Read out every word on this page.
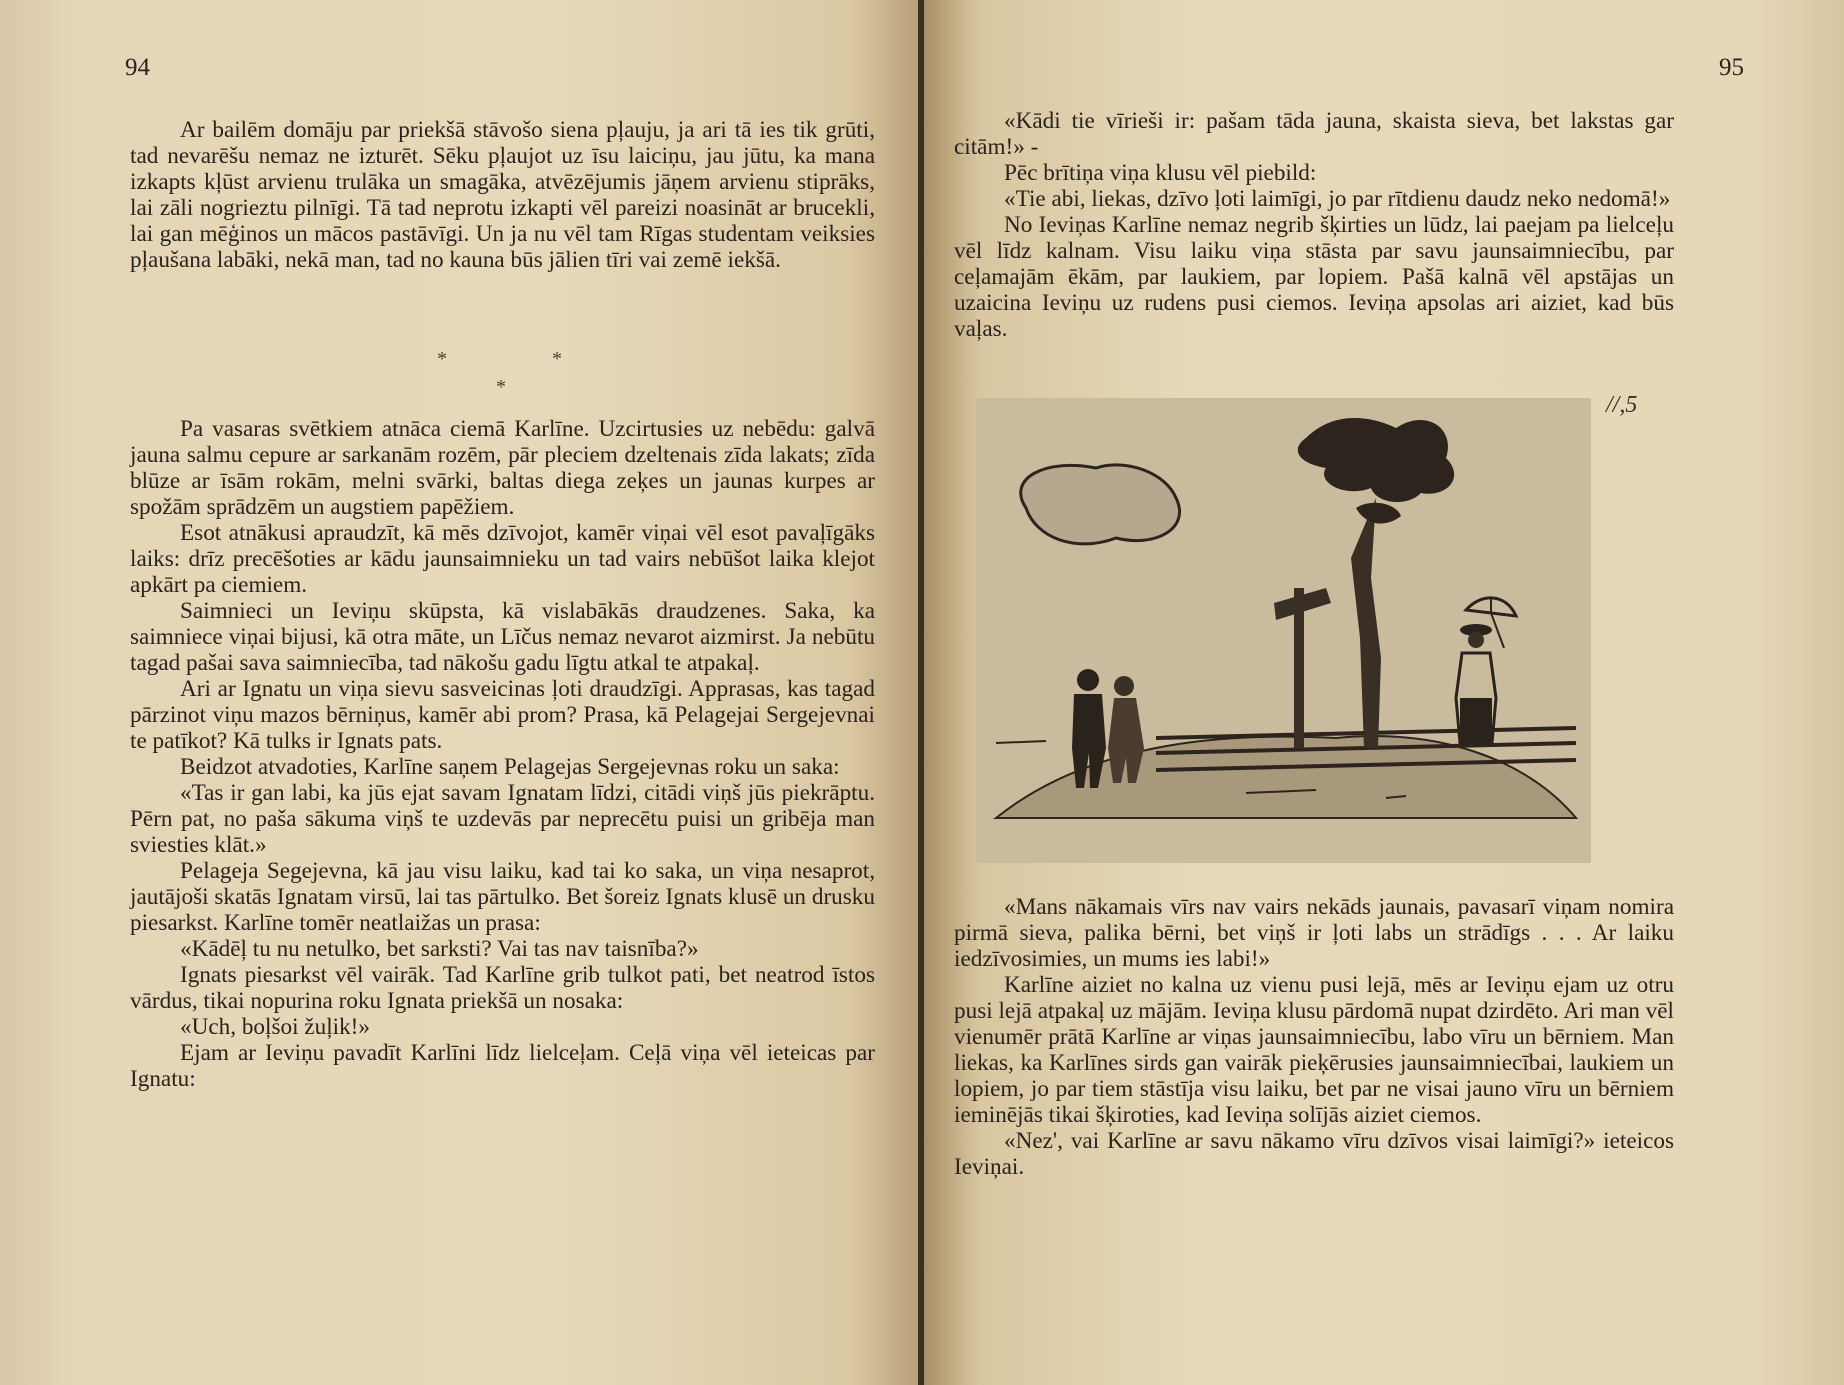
94

Ar bailēm domāju par priekšā stāvošo siena pļauju, ja ari tā ies tik grūti, tad nevarēšu nemaz ne izturēt. Sēku pļaujot uz īsu laiciņu, jau jūtu, ka mana izkapts kļūst arvienu trulāka un smagāka, atvēzējumis jāņem arvienu stiprāks, lai zāli nogrieztu pilnīgi. Tā tad neprotu izkapti vēl pareizi noasināt ar brucekli, lai gan mēģinos un mācos pastāvīgi. Un ja nu vēl tam Rīgas studentam veiksies pļaušana labāki, nekā man, tad no kauna būs jālien tīri vai zemē iekšā.

*	*
*

Pa vasaras svētkiem atnāca ciemā Karlīne. Uzcirtusies uz nebēdu: galvā jauna salmu cepure ar sarkanām rozēm, pār pleciem dzeltenais zīda lakats; zīda blūze ar īsām rokām, melni svārki, baltas diega zeķes un jaunas kurpes ar spožām sprādzēm un augstiem papēžiem.

Esot atnākusi apraudzīt, kā mēs dzīvojot, kamēr viņai vēl esot pavaļīgāks laiks: drīz precēšoties ar kādu jaunsaimnieku un tad vairs nebūšot laika klejot apkārt pa ciemiem.

Saimnieci un Ieviņu skūpsta, kā vislabākās draudzenes. Saka, ka saimniece viņai bijusi, kā otra māte, un Līčus nemaz nevarot aizmirst. Ja nebūtu tagad pašai sava saimniecība, tad nākošu gadu līgtu atkal te atpakaļ.

Ari ar Ignatu un viņa sievu sasveicinas ļoti draudzīgi. Apprasas, kas tagad pārzinot viņu mazos bērniņus, kamēr abi prom? Prasa, kā Pelagejai Sergejevnai te patīkot? Kā tulks ir Ignats pats.

Beidzot atvadoties, Karlīne saņem Pelagejas Sergejevnas roku un saka:

«Tas ir gan labi, ka jūs ejat savam Ignatam līdzi, citādi viņš jūs piekrāptu. Pērn pat, no paša sākuma viņš te uzdevās par neprecētu puisi un gribēja man sviesties klāt.»

Pelageja Segejevna, kā jau visu laiku, kad tai ko saka, un viņa nesaprot, jautājoši skatās Ignatam virsū, lai tas pārtulko. Bet šoreiz Ignats klusē un drusku piesarkst. Karlīne tomēr neatlaižas un prasa:

«Kādēļ tu nu netulko, bet sarksti? Vai tas nav taisnība?»

Ignats piesarkst vēl vairāk. Tad Karlīne grib tulkot pati, bet neatrod īstos vārdus, tikai nopurina roku Ignata priekšā un nosaka:

«Uch, boļšoi žuļik!»

Ejam ar Ieviņu pavadīt Karlīni līdz lielceļam. Ceļā viņa vēl ieteicas par Ignatu:

95

«Kādi tie vīrieši ir: pašam tāda jauna, skaista sieva, bet lakstas gar citām!» -

Pēc brītiņa viņa klusu vēl piebild:

«Tie abi, liekas, dzīvo ļoti laimīgi, jo par rītdienu daudz neko nedomā!»

No Ieviņas Karlīne nemaz negrib šķirties un lūdz, lai paejam pa lielceļu vēl līdz kalnam. Visu laiku viņa stāsta par savu jaunsaimniecību, par ceļamajām ēkām, par laukiem, par lopiem. Pašā kalnā vēl apstājas un uzaicina Ieviņu uz rudens pusi ciemos. Ieviņa apsolas ari aiziet, kad būs vaļas.

//,5

«Mans nākamais vīrs nav vairs nekāds jaunais, pavasarī viņam nomira pirmā sieva, palika bērni, bet viņš ir ļoti labs un strādīgs . . . Ar laiku iedzīvosimies, un mums ies labi!»

Karlīne aiziet no kalna uz vienu pusi lejā, mēs ar Ieviņu ejam uz otru pusi lejā atpakaļ uz mājām. Ieviņa klusu pārdomā nupat dzirdēto. Ari man vēl vienumēr prātā Karlīne ar viņas jaunsaimniecību, labo vīru un bērniem. Man liekas, ka Karlīnes sirds gan vairāk pieķērusies jaunsaimniecībai, laukiem un lopiem, jo par tiem stāstīja visu laiku, bet par ne visai jauno vīru un bērniem ieminējās tikai šķiroties, kad Ieviņa solījās aiziet ciemos.

«Nez', vai Karlīne ar savu nākamo vīru dzīvos visai laimīgi?» ieteicos Ieviņai.
